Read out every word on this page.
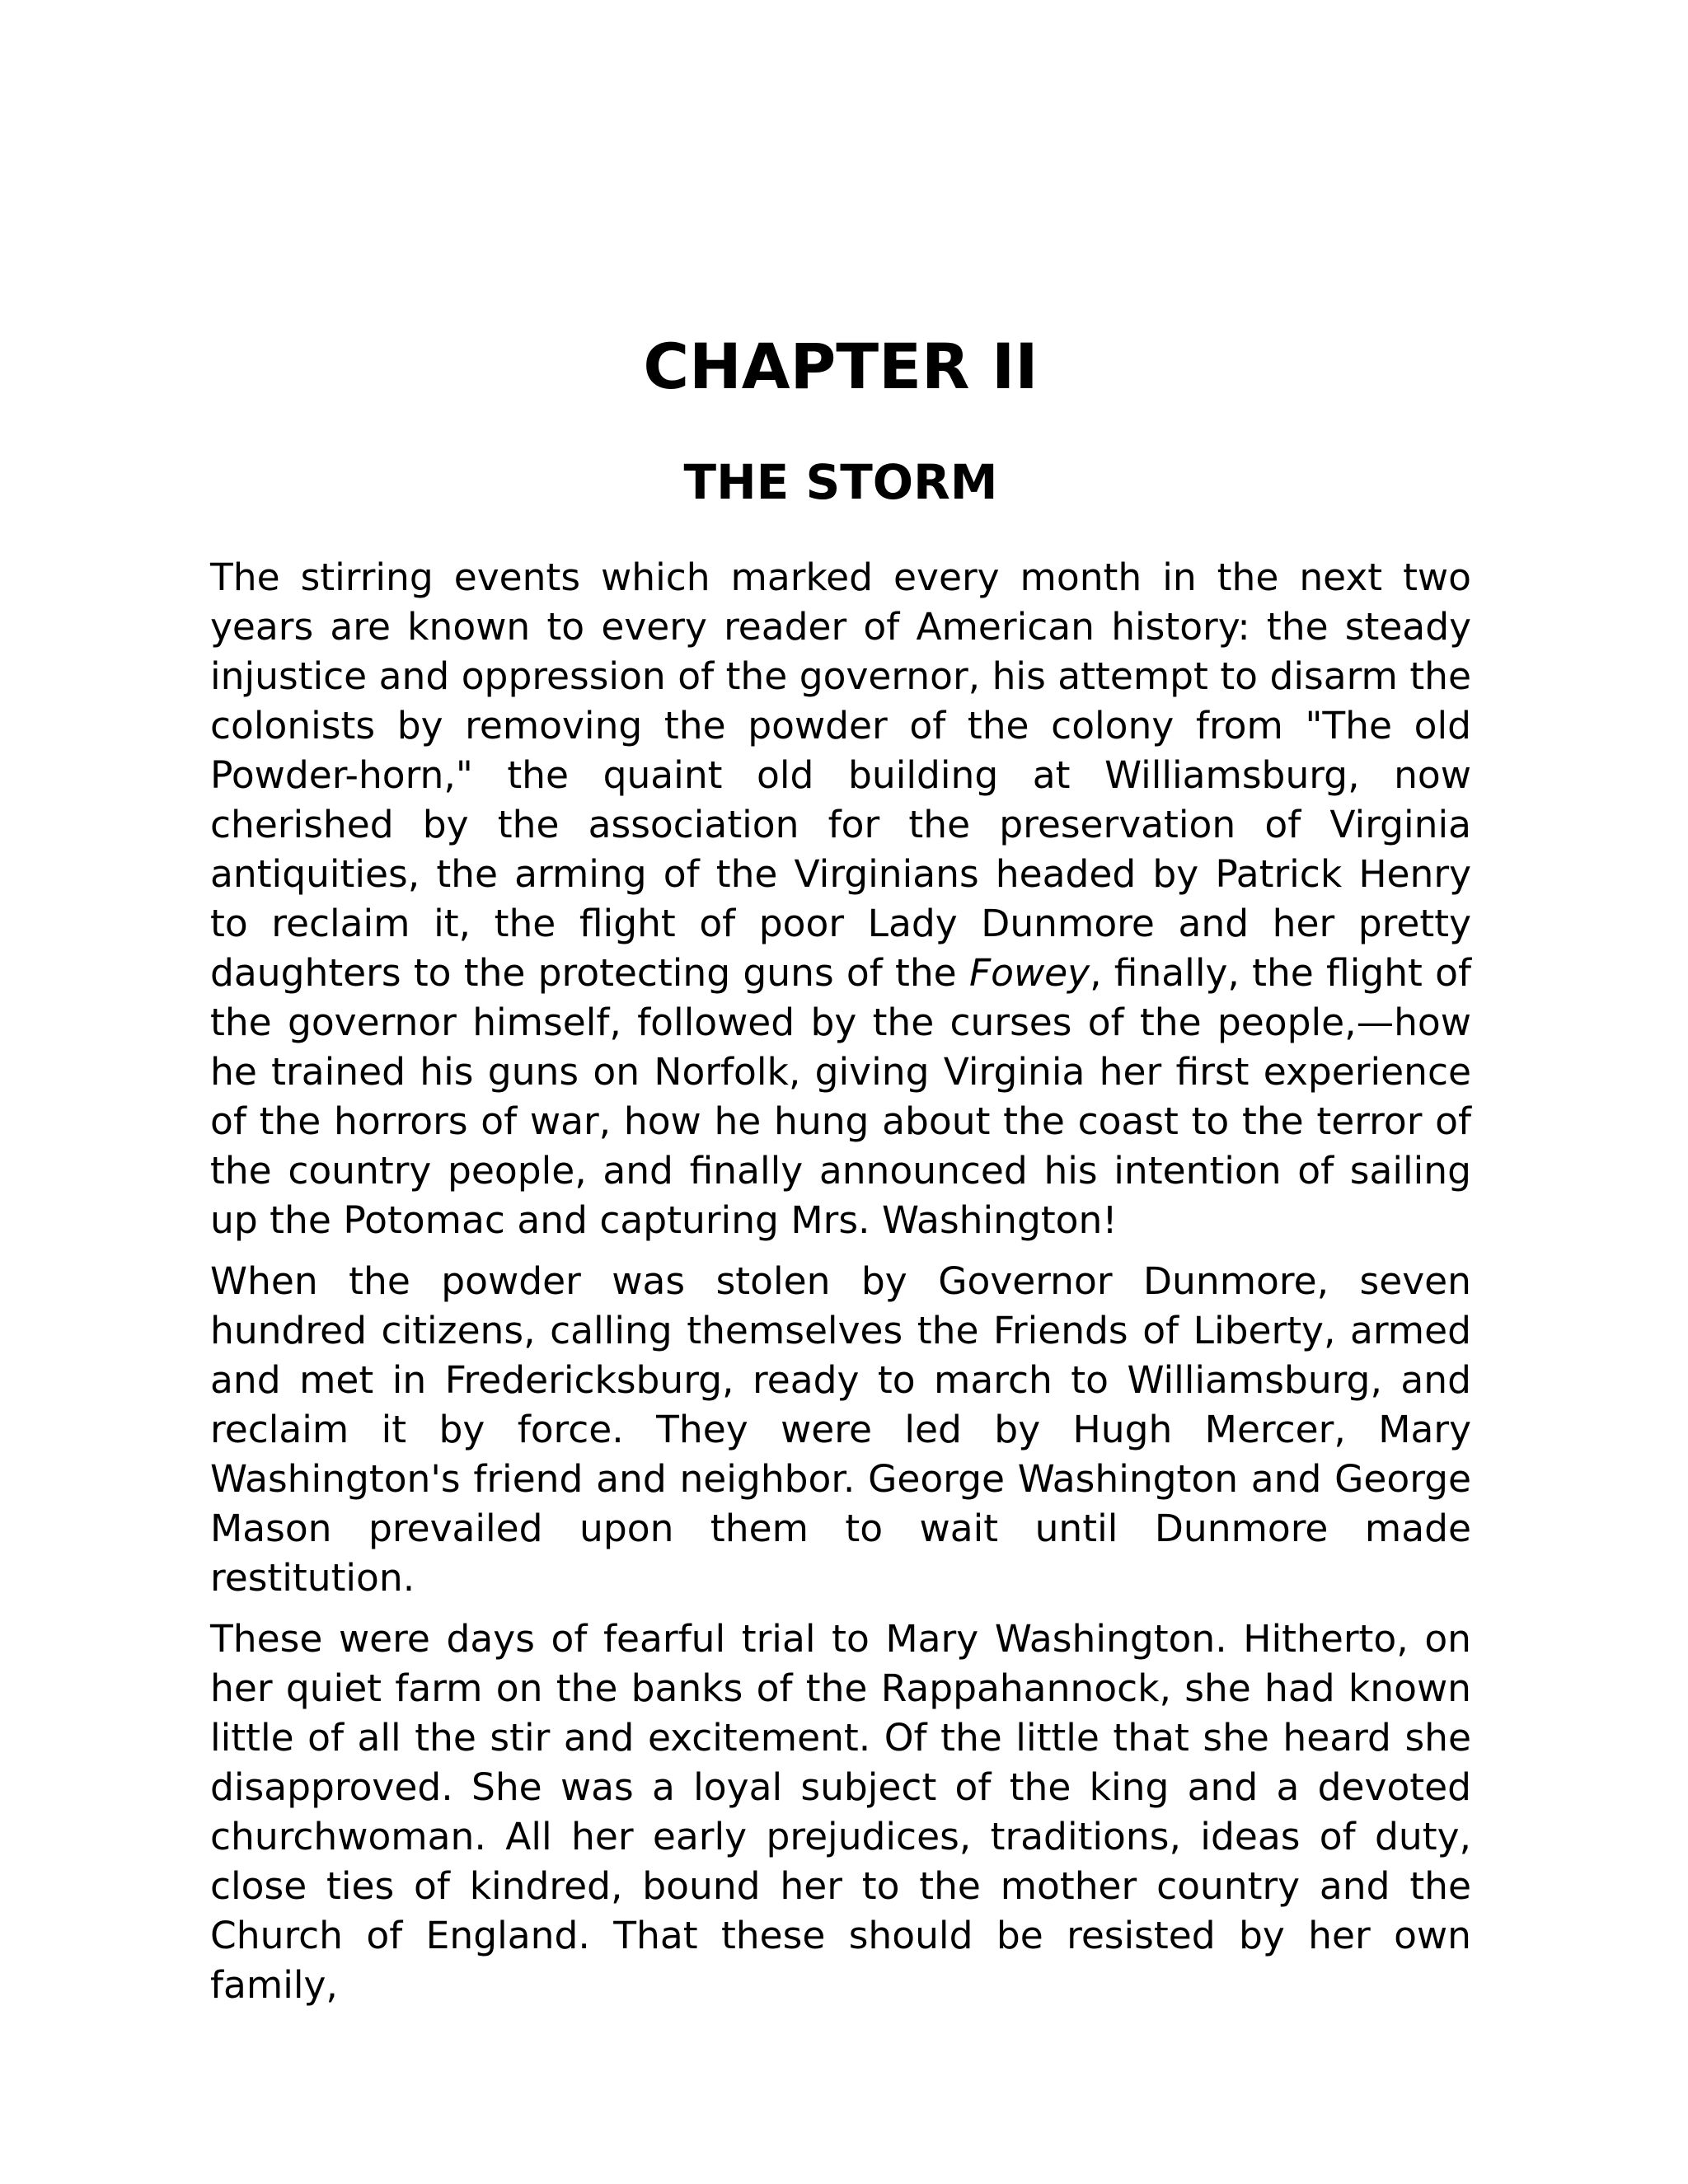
CHAPTER II
THE STORM

The stirring events which marked every month in the next two years are known to every reader of American history: the steady injustice and oppression of the governor, his attempt to disarm the colonists by removing the powder of the colony from "The old Powder-horn," the quaint old building at Williamsburg, now cherished by the association for the preservation of Virginia antiquities, the arming of the Virginians headed by Patrick Henry to reclaim it, the flight of poor Lady Dunmore and her pretty daughters to the protecting guns of the Fowey, finally, the flight of the governor himself, followed by the curses of the people,—how he trained his guns on Norfolk, giving Virginia her first experience of the horrors of war, how he hung about the coast to the terror of the country people, and finally announced his intention of sailing up the Potomac and capturing Mrs. Washington!

When the powder was stolen by Governor Dunmore, seven hundred citizens, calling themselves the Friends of Liberty, armed and met in Fredericksburg, ready to march to Williamsburg, and reclaim it by force. They were led by Hugh Mercer, Mary Washington's friend and neighbor. George Washington and George Mason prevailed upon them to wait until Dunmore made restitution.

These were days of fearful trial to Mary Washington. Hitherto, on her quiet farm on the banks of the Rappahannock, she had known little of all the stir and excitement. Of the little that she heard she disapproved. She was a loyal subject of the king and a devoted churchwoman. All her early prejudices, traditions, ideas of duty, close ties of kindred, bound her to the mother country and the Church of England. That these should be resisted by her own family,
